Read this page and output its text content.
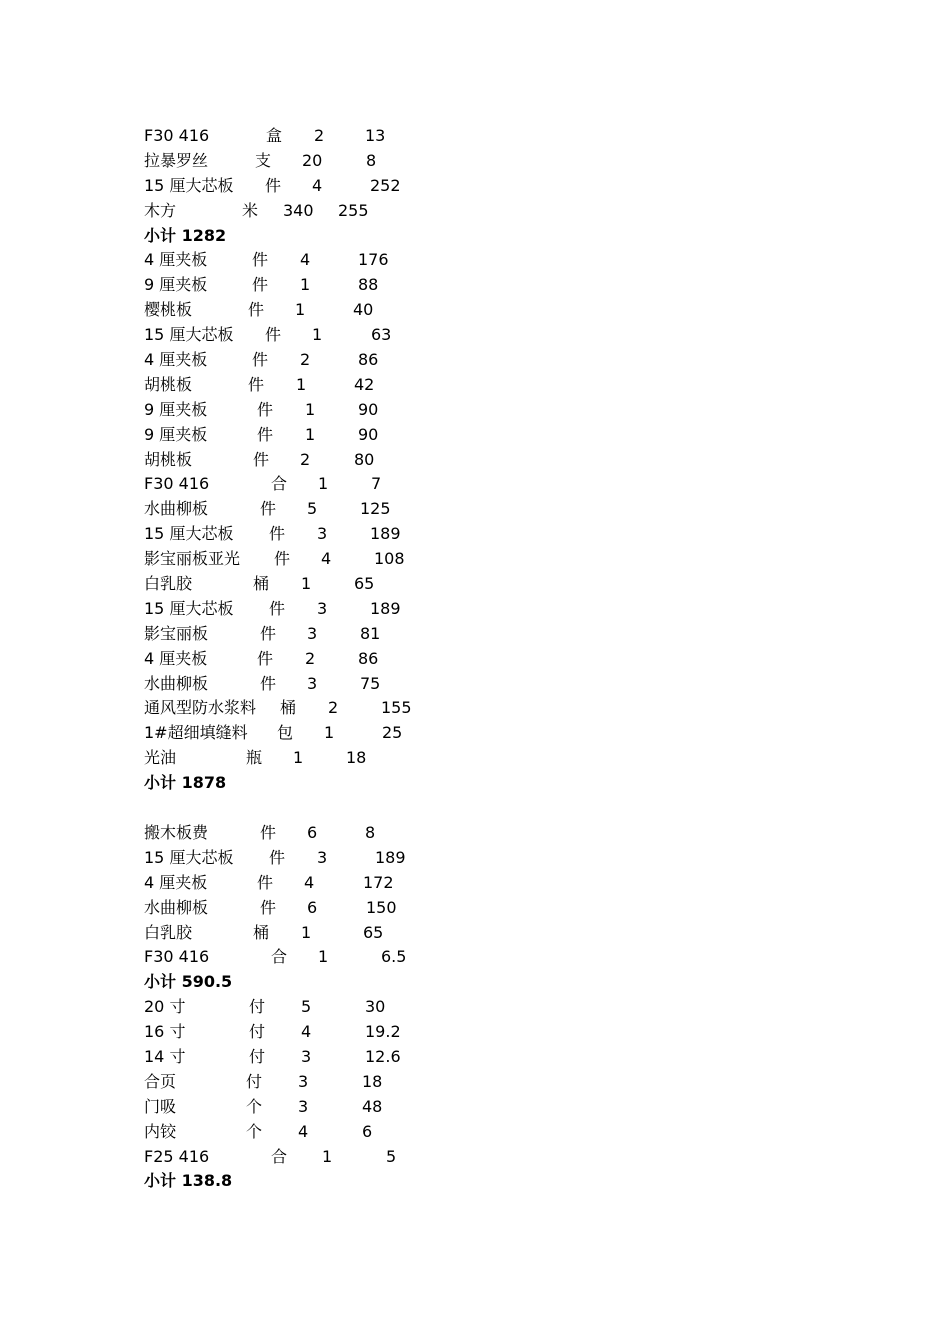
F30 416	盒 2	13
拉暴罗丝	支 20	8
15 厘大芯板 件 4	252
木方	米 340 255
小计 1282
4 厘夹板	件 4	176
9 厘夹板	件 1	88
樱桃板	件 1	40
15 厘大芯板 件 1	63
4 厘夹板	件 2	86
胡桃板	件 1	42
9 厘夹板	件 1	90
9 厘夹板	件 1	90
胡桃板	件 2	80
F30 416	合 1	7
水曲柳板	件 5	125
15 厘大芯板 件 3	189
影宝丽板亚光 件 4	108
白乳胶	桶 1	65
15 厘大芯板 件 3	189
影宝丽板	件 3	81
4 厘夹板	件 2	86
水曲柳板	件 3	75
通风型防水浆料 桶 2	155
1#超细填缝料 包 1	25
光油	瓶 1	18
小计 1878
搬木板费	件 6	8
15 厘大芯板 件 3	189
4 厘夹板	件 4	172
水曲柳板	件 6	150
白乳胶	桶 1	65
F30 416	合 1	6.5
小计 590.5
20 寸	付 5	30
16 寸	付 4	19.2
14 寸	付 3	12.6
合页	付 3	18
门吸	个 3	48
内铰	个 4	6
F25 416	合 1	5
小计 138.8
